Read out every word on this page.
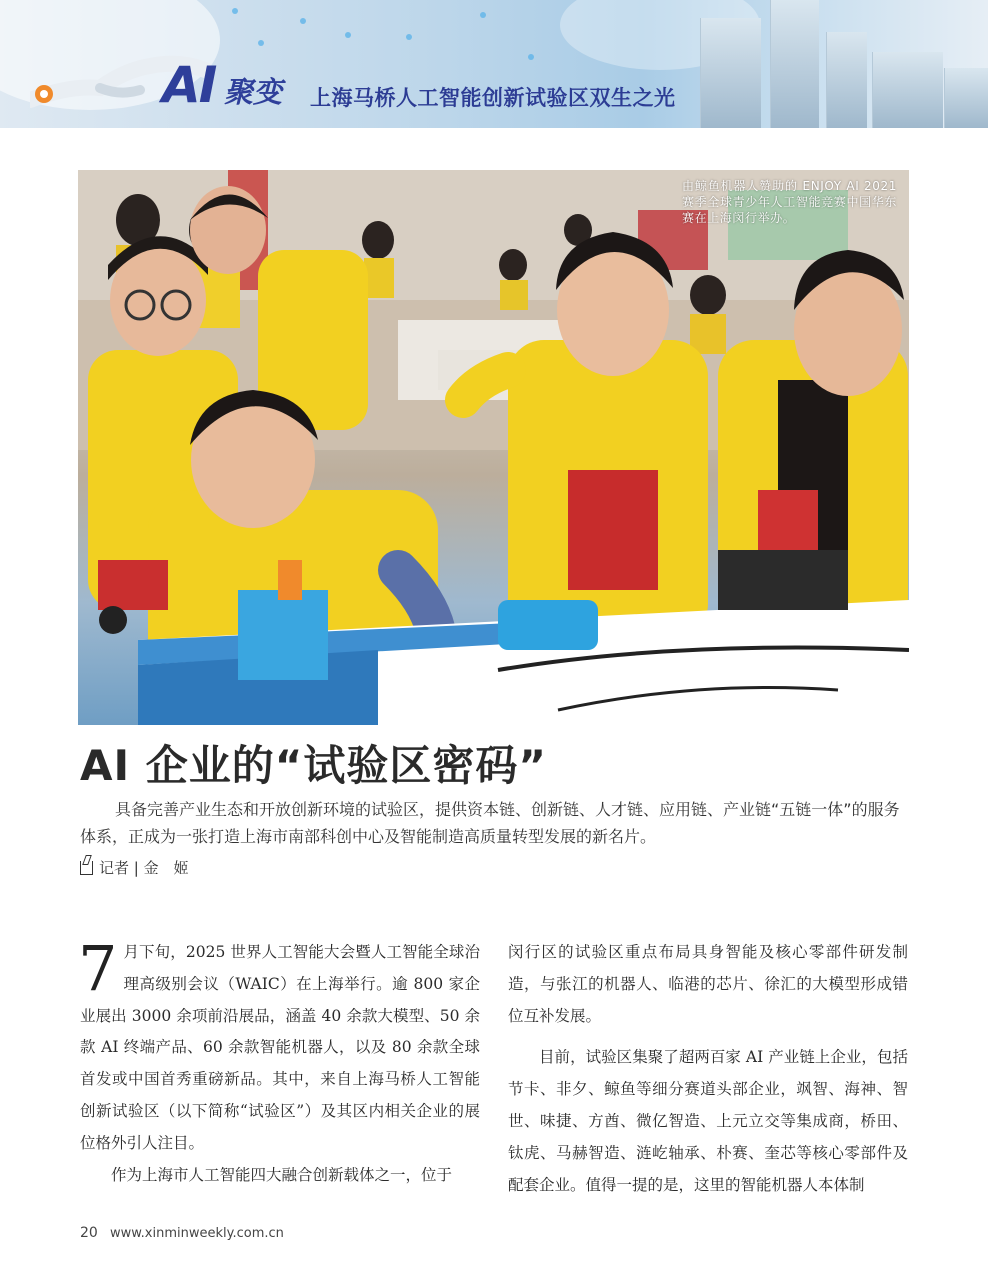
AI 聚变 上海马桥人工智能创新试验区双生之光
由鲸鱼机器人赞助的 ENJOY AI 2021 赛季全球青少年人工智能竞赛中国华东赛在上海闵行举办。
AI 企业的“试验区密码”
具备完善产业生态和开放创新环境的试验区，提供资本链、创新链、人才链、应用链、产业链“五链一体”的服务体系，正成为一张打造上海市南部科创中心及智能制造高质量转型发展的新名片。
记者 | 金　姬

7 月下旬，2025 世界人工智能大会暨人工智能全球治理高级别会议（WAIC）在上海举行。逾 800 家企业展出 3000 余项前沿展品，涵盖 40 余款大模型、50 余款 AI 终端产品、60 余款智能机器人，以及 80 余款全球首发或中国首秀重磅新品。其中，来自上海马桥人工智能创新试验区（以下简称“试验区”）及其区内相关企业的展位格外引人注目。

作为上海市人工智能四大融合创新载体之一，位于

闵行区的试验区重点布局具身智能及核心零部件研发制造，与张江的机器人、临港的芯片、徐汇的大模型形成错位互补发展。

目前，试验区集聚了超两百家 AI 产业链上企业，包括节卡、非夕、鲸鱼等细分赛道头部企业，飒智、海神、智世、味捷、方酋、微亿智造、上元立交等集成商，桥田、钛虎、马赫智造、涟屹轴承、朴赛、奎芯等核心零部件及配套企业。值得一提的是，这里的智能机器人本体制

20 www.xinminweekly.com.cn
